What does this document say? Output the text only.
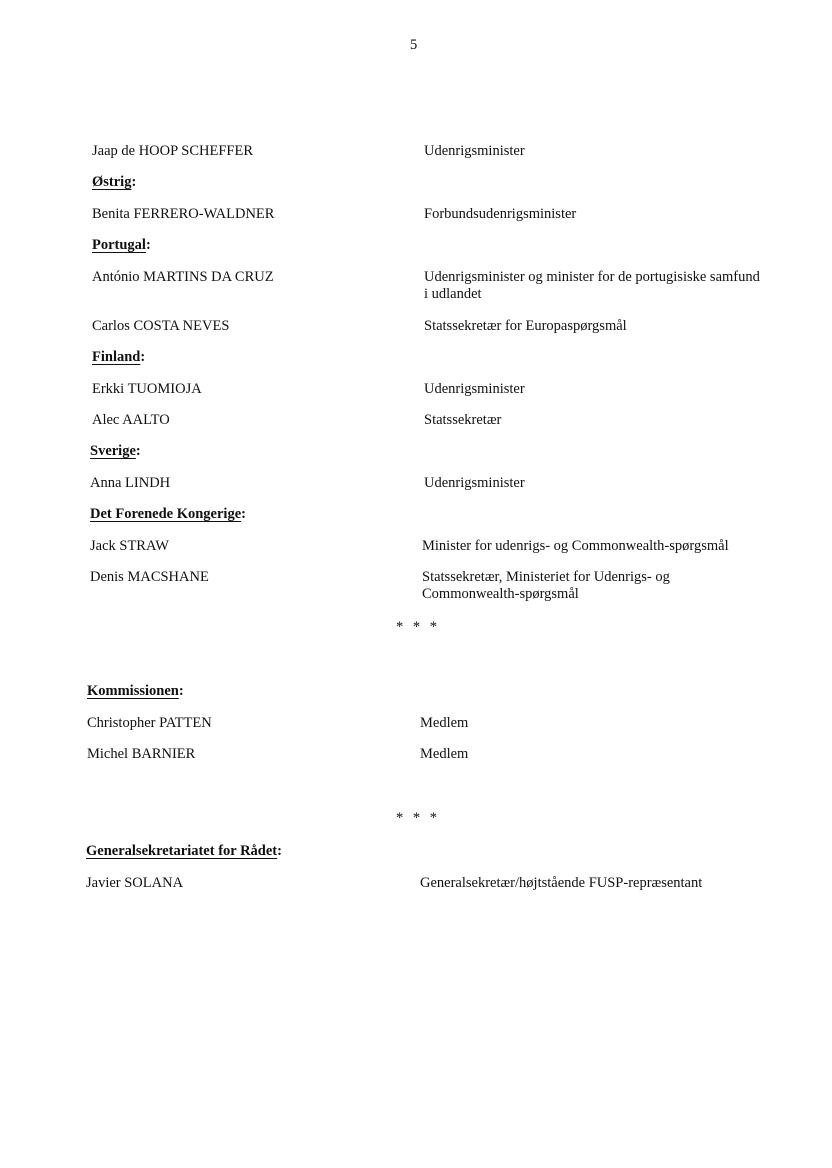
5
Jaap de HOOP SCHEFFER	Udenrigsminister
Østrig:
Benita FERRERO-WALDNER	Forbundsudenrigsminister
Portugal:
António MARTINS DA CRUZ	Udenrigsminister og minister for de portugisiske samfund i udlandet
Carlos COSTA NEVES	Statssekretær for Europaspørgsmål
Finland:
Erkki TUOMIOJA	Udenrigsminister
Alec AALTO	Statssekretær
Sverige:
Anna LINDH	Udenrigsminister
Det Forenede Kongerige:
Jack STRAW	Minister for udenrigs- og Commonwealth-spørgsmål
Denis MACSHANE	Statssekretær, Ministeriet for Udenrigs- og Commonwealth-spørgsmål
* * *
Kommissionen:
Christopher PATTEN	Medlem
Michel BARNIER	Medlem
* * *
Generalsekretariatet for Rådet:
Javier SOLANA	Generalsekretær/højtstående FUSP-repræsentant
